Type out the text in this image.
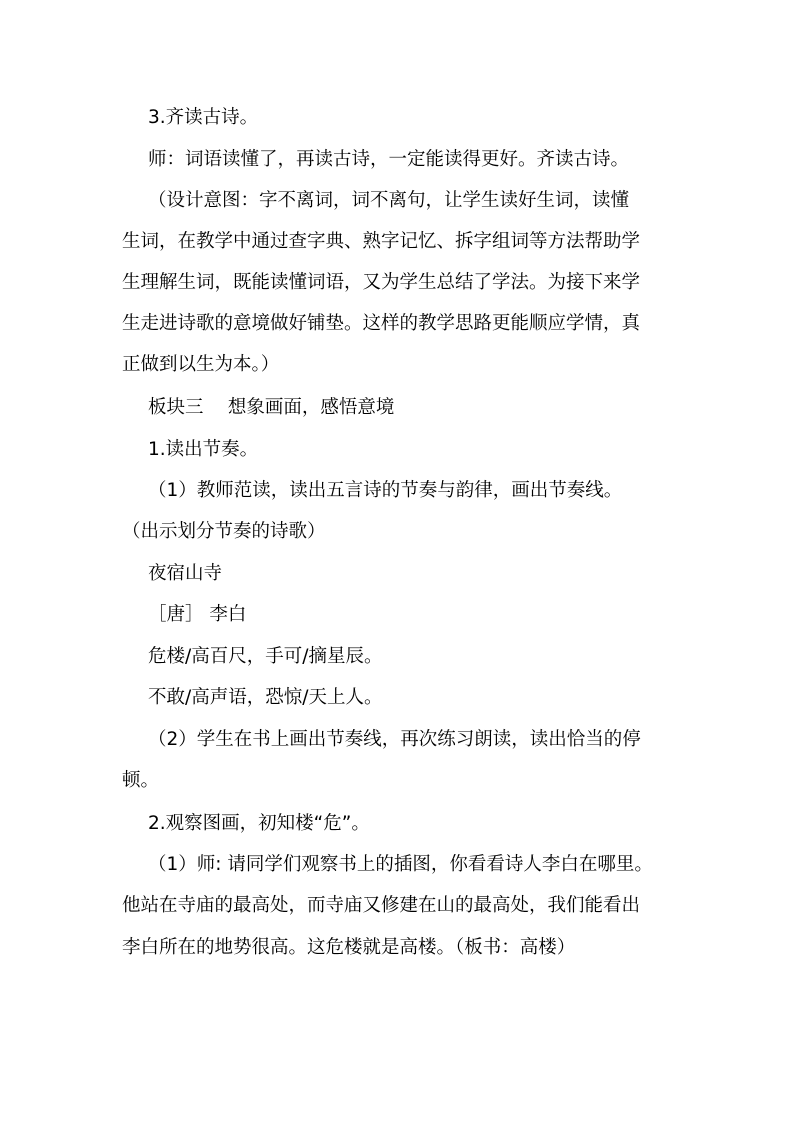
3.齐读古诗。
师：词语读懂了，再读古诗，一定能读得更好。齐读古诗。
（设计意图：字不离词，词不离句，让学生读好生词，读懂
生词，在教学中通过查字典、熟字记忆、拆字组词等方法帮助学
生理解生词，既能读懂词语，又为学生总结了学法。为接下来学
生走进诗歌的意境做好铺垫。这样的教学思路更能顺应学情，真
正做到以生为本。）
板块三　 想象画面，感悟意境
1.读出节奏。
（1）教师范读，读出五言诗的节奏与韵律，画出节奏线。
（出示划分节奏的诗歌）
夜宿山寺
［唐］ 李白
危楼/高百尺，手可/摘星辰。
不敢/高声语，恐惊/天上人。
（2）学生在书上画出节奏线，再次练习朗读，读出恰当的停
顿。
2.观察图画，初知楼“危”。
（1）师: 请同学们观察书上的插图，你看看诗人李白在哪里。
他站在寺庙的最高处，而寺庙又修建在山的最高处，我们能看出
李白所在的地势很高。这危楼就是高楼。（板书：高楼）
